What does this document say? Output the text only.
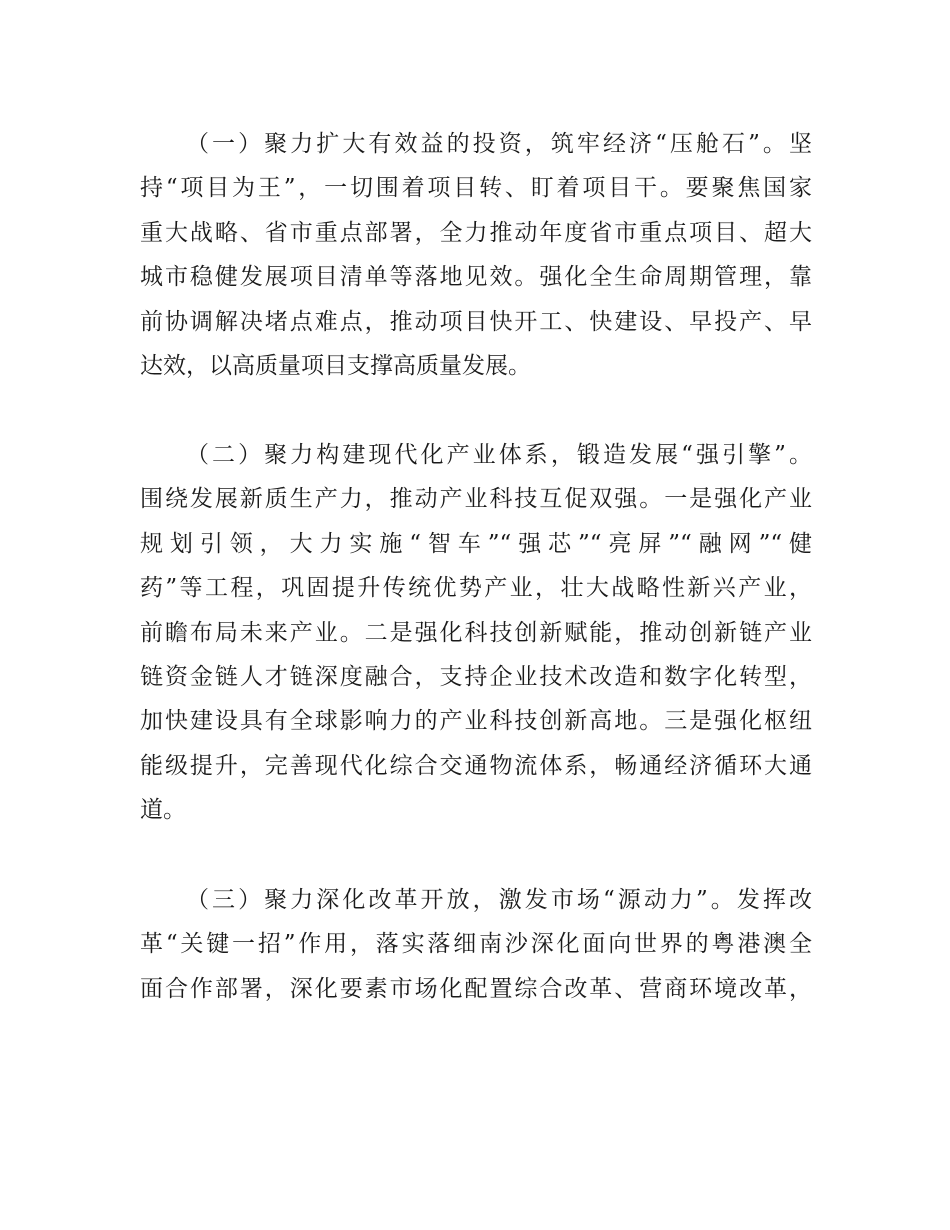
（一）聚力扩大有效益的投资，筑牢经济“压舱石”。坚
持“项目为王”，一切围着项目转、盯着项目干。要聚焦国家
重大战略、省市重点部署，全力推动年度省市重点项目、超大
城市稳健发展项目清单等落地见效。强化全生命周期管理，靠
前协调解决堵点难点，推动项目快开工、快建设、早投产、早
达效，以高质量项目支撑高质量发展。
（二）聚力构建现代化产业体系，锻造发展“强引擎”。
围绕发展新质生产力，推动产业科技互促双强。一是强化产业
规划引领，大力实施“智车”“强芯”“亮屏”“融网”“健
药”等工程，巩固提升传统优势产业，壮大战略性新兴产业，
前瞻布局未来产业。二是强化科技创新赋能，推动创新链产业
链资金链人才链深度融合，支持企业技术改造和数字化转型，
加快建设具有全球影响力的产业科技创新高地。三是强化枢纽
能级提升，完善现代化综合交通物流体系，畅通经济循环大通
道。
（三）聚力深化改革开放，激发市场“源动力”。发挥改
革“关键一招”作用，落实落细南沙深化面向世界的粤港澳全
面合作部署，深化要素市场化配置综合改革、营商环境改革，
